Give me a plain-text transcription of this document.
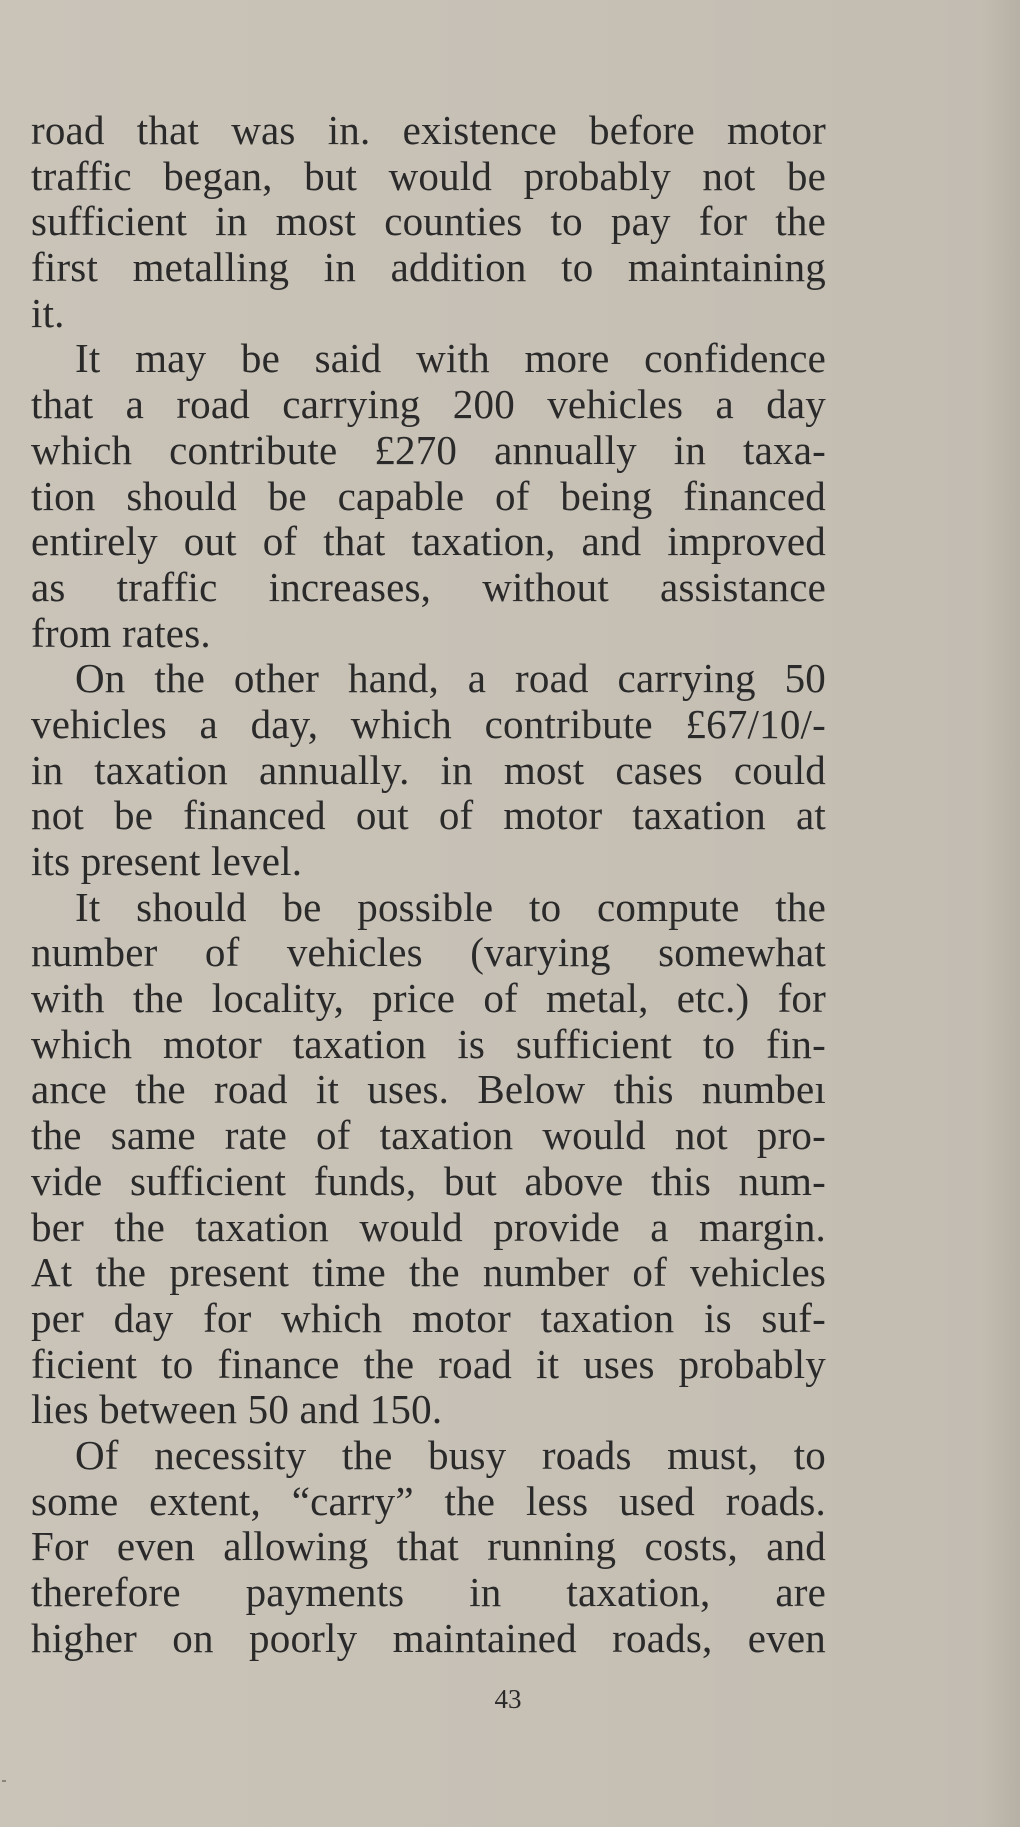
road that was in. existence before motor
traffic began, but would probably not be
sufficient in most counties to pay for the
first metalling in addition to maintaining
it.
It may be said with more confidence
that a road carrying 200 vehicles a day
which contribute £270 annually in taxa-
tion should be capable of being financed
entirely out of that taxation, and improved
as traffic increases, without assistance
from rates.
On the other hand, a road carrying 50
vehicles a day, which contribute £67/10/-
in taxation annually. in most cases could
not be financed out of motor taxation at
its present level.
It should be possible to compute the
number of vehicles (varying somewhat
with the locality, price of metal, etc.) for
which motor taxation is sufficient to fin-
ance the road it uses. Below this numbeı
the same rate of taxation would not pro-
vide sufficient funds, but above this num-
ber the taxation would provide a margin.
At the present time the number of vehicles
per day for which motor taxation is suf-
ficient to finance the road it uses probably
lies between 50 and 150.
Of necessity the busy roads must, to
some extent, “carry” the less used roads.
For even allowing that running costs, and
therefore payments in taxation, are
higher on poorly maintained roads, even
43
